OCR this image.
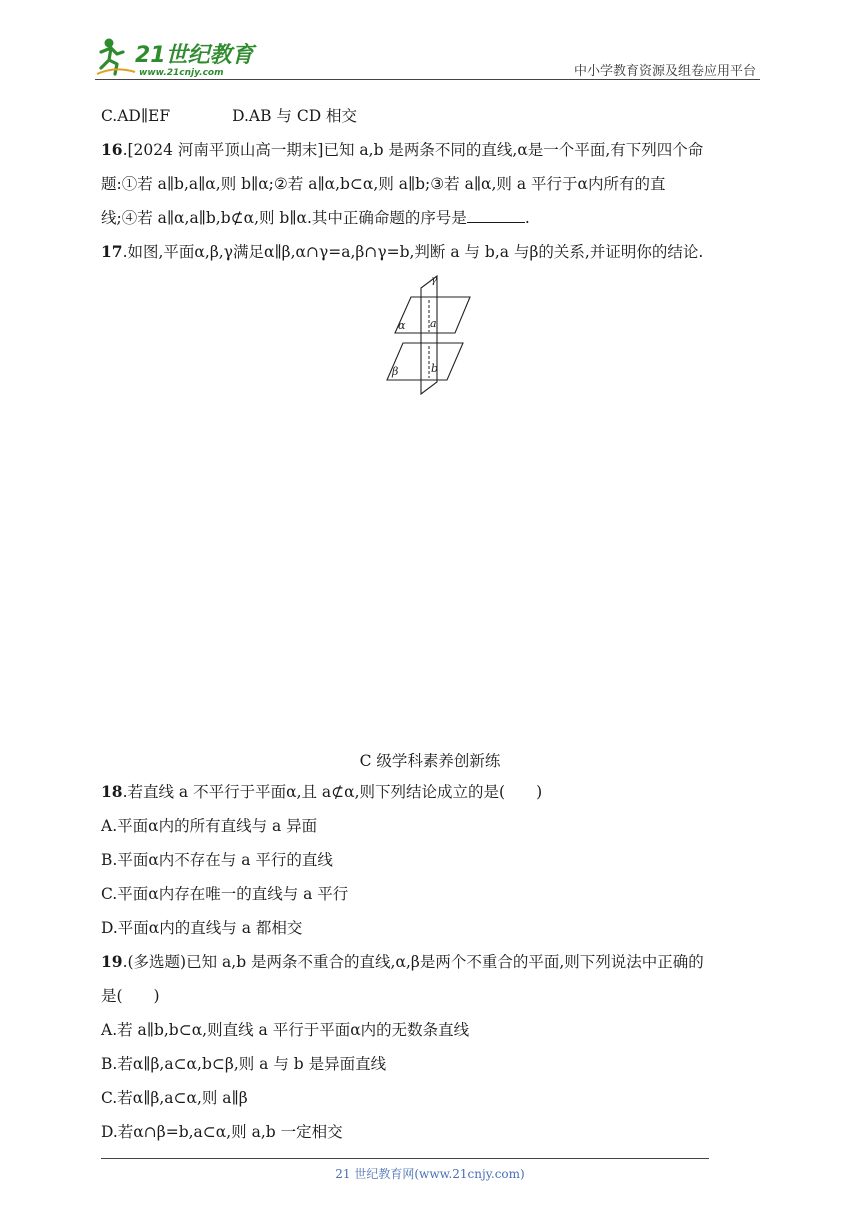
21世纪教育
www.21cnjy.com	中小学教育资源及组卷应用平台
C.AD∥EF	D.AB 与 CD 相交
16.[2024 河南平顶山高一期末]已知 a,b 是两条不同的直线,α是一个平面,有下列四个命
题:①若 a∥b,a∥α,则 b∥α;②若 a∥α,b⊂α,则 a∥b;③若 a∥α,则 a 平行于α内所有的直
线;④若 a∥α,a∥b,b⊄α,则 b∥α.其中正确命题的序号是	.
17.如图,平面α,β,γ满足α∥β,α∩γ=a,β∩γ=b,判断 a 与 b,a 与β的关系,并证明你的结论.
γ
α a
β	b
C 级学科素养创新练
18.若直线 a 不平行于平面α,且 a⊄α,则下列结论成立的是(　　)
A.平面α内的所有直线与 a 异面
B.平面α内不存在与 a 平行的直线
C.平面α内存在唯一的直线与 a 平行
D.平面α内的直线与 a 都相交
19.(多选题)已知 a,b 是两条不重合的直线,α,β是两个不重合的平面,则下列说法中正确的
是(　　)
A.若 a∥b,b⊂α,则直线 a 平行于平面α内的无数条直线
B.若α∥β,a⊂α,b⊂β,则 a 与 b 是异面直线
C.若α∥β,a⊂α,则 a∥β
D.若α∩β=b,a⊂α,则 a,b 一定相交
21 世纪教育网(www.21cnjy.com)
